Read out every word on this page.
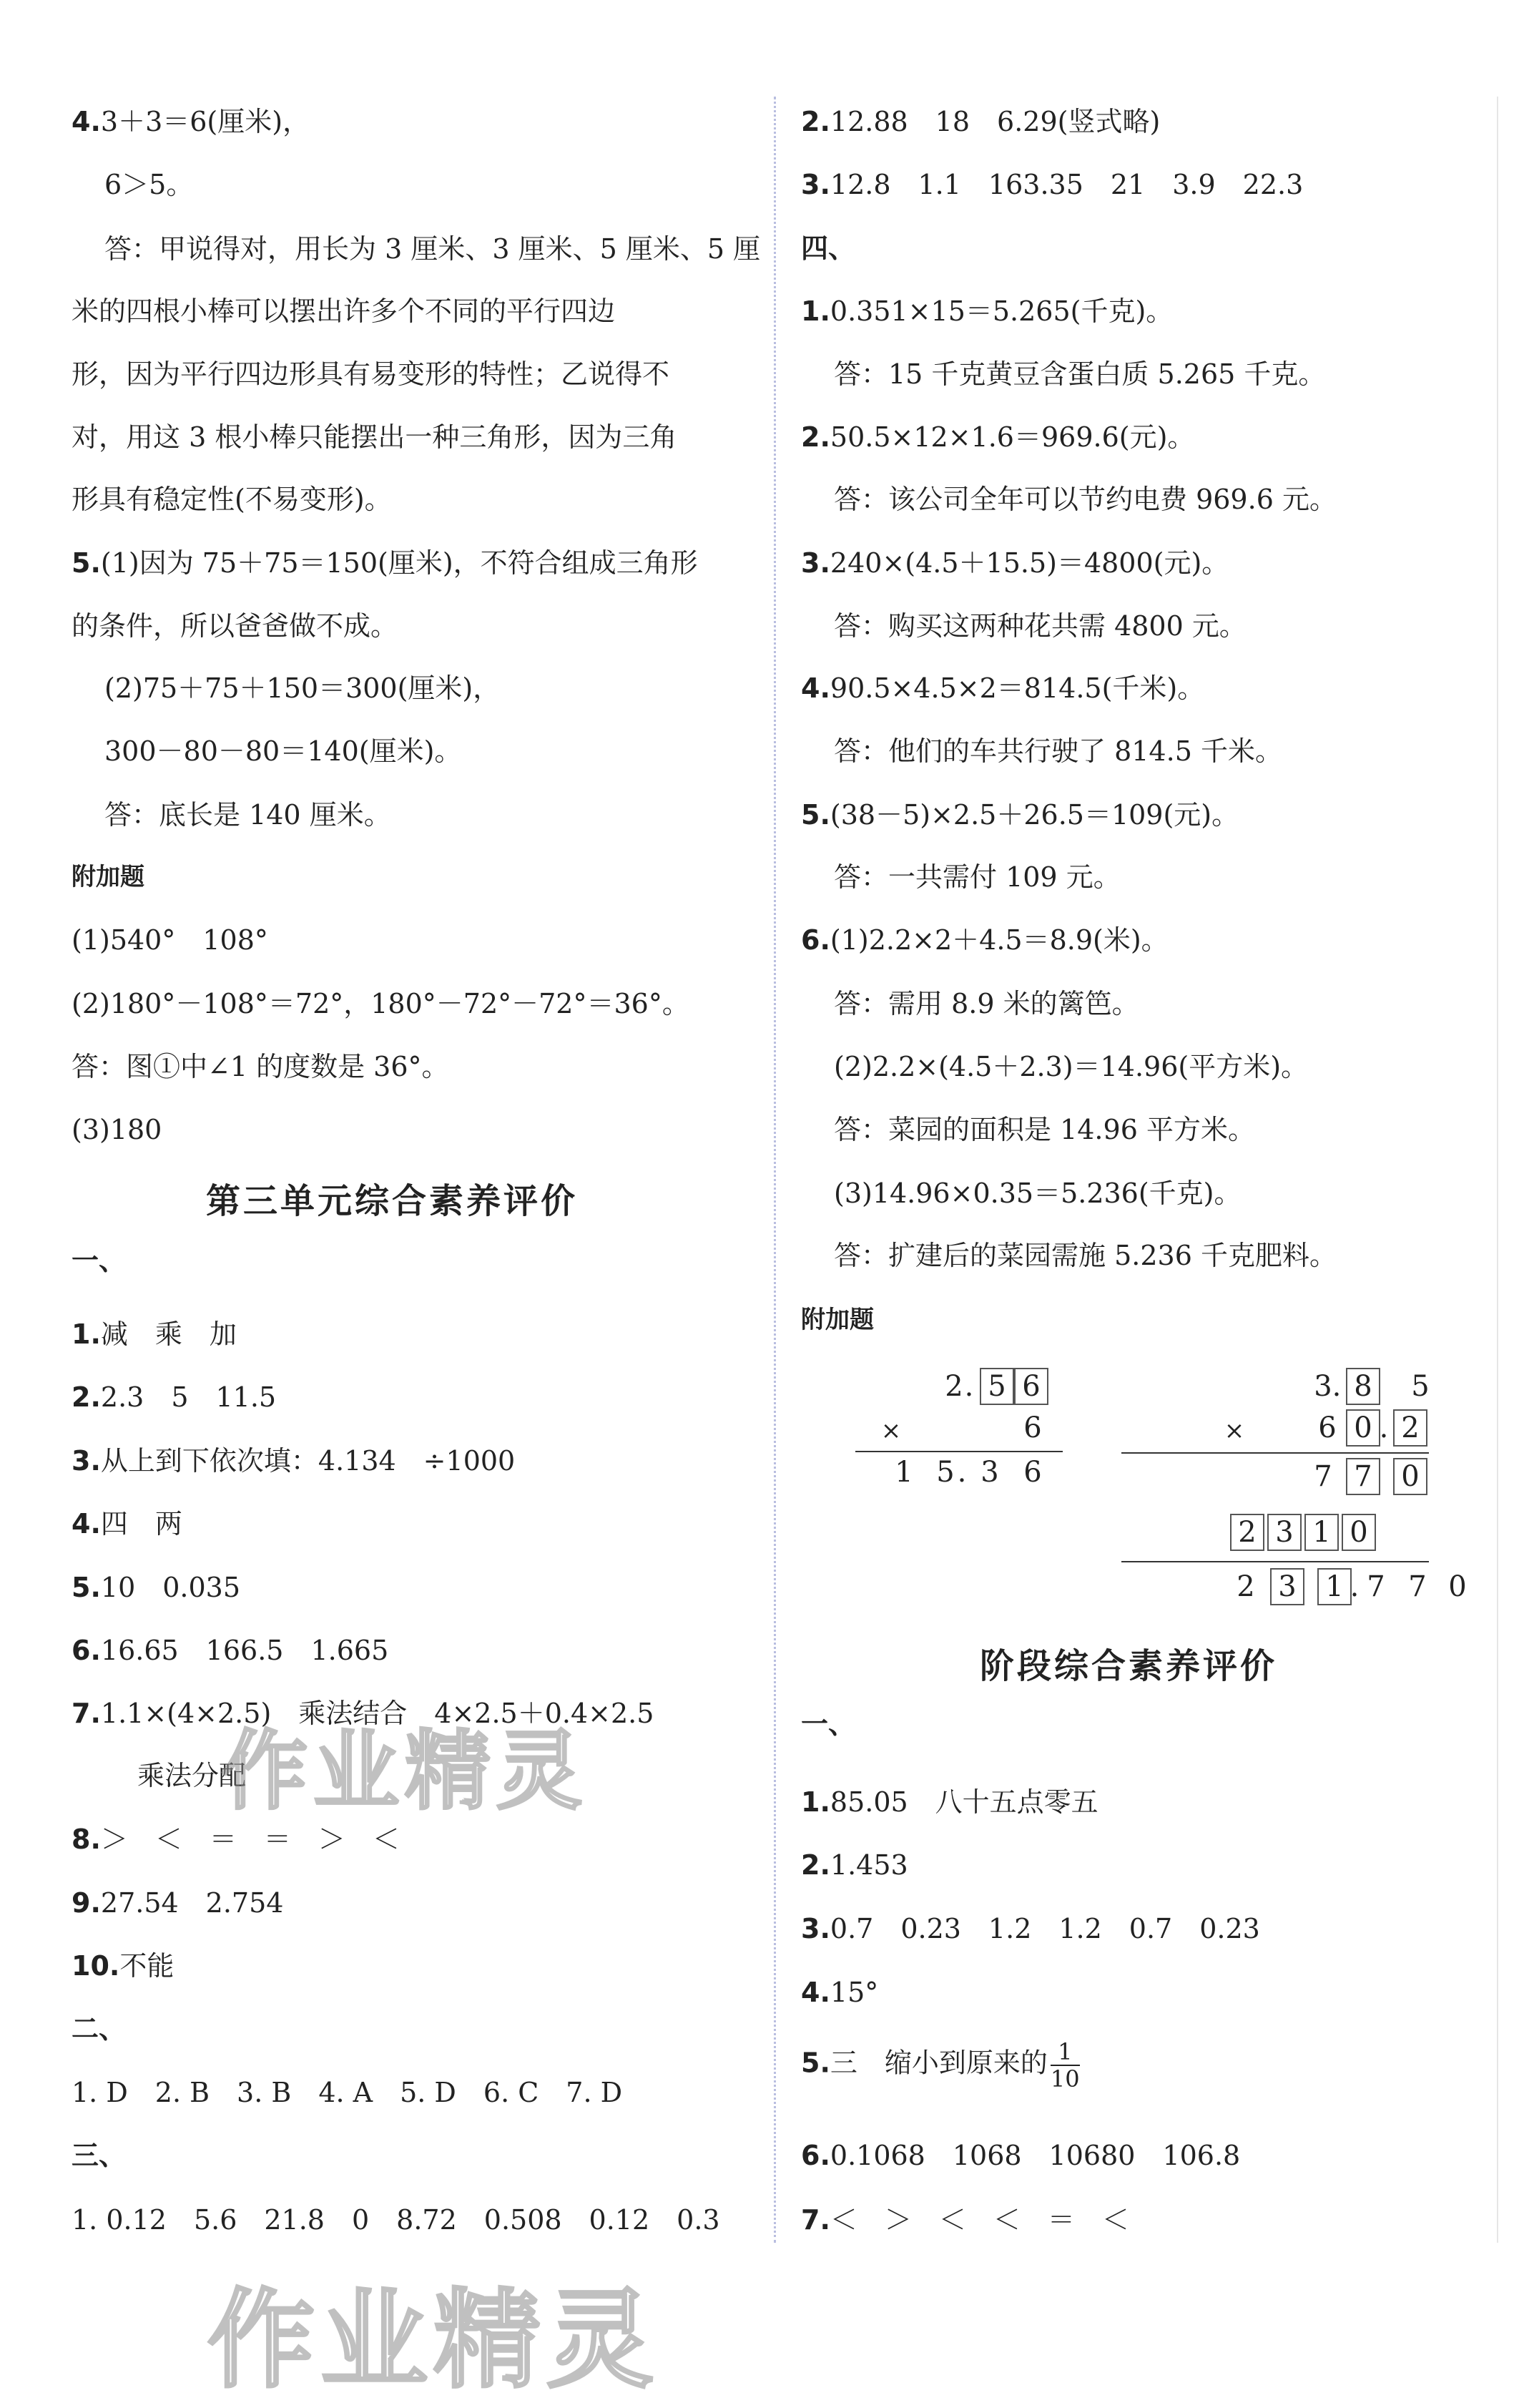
4.3＋3＝6(厘米)，
6＞5。
答：甲说得对，用长为 3 厘米、3 厘米、5 厘米、5 厘
米的四根小棒可以摆出许多个不同的平行四边
形，因为平行四边形具有易变形的特性；乙说得不
对，用这 3 根小棒只能摆出一种三角形，因为三角
形具有稳定性(不易变形)。
5.(1)因为 75＋75＝150(厘米)，不符合组成三角形
的条件，所以爸爸做不成。
(2)75＋75＋150＝300(厘米)，
300－80－80＝140(厘米)。
答：底长是 140 厘米。
附加题
(1)540°　108°
(2)180°－108°＝72°，180°－72°－72°＝36°。
答：图①中∠1 的度数是 36°。
(3)180
第三单元综合素养评价
一、
1.减　乘　加
2.2.3　5　11.5
3.从上到下依次填：4.134　÷1000
4.四　两
5.10　0.035
6.16.65　166.5　1.665
7.1.1×(4×2.5)　乘法结合　4×2.5＋0.4×2.5
乘法分配
8.＞　＜　＝　＝　＞　＜
9.27.54　2.754
10.不能
二、
1. D　2. B　3. B　4. A　5. D　6. C　7. D
三、
1. 0.12　5.6　21.8　0　8.72　0.508　0.12　0.3
2.12.88　18　6.29(竖式略)
3.12.8　1.1　163.35　21　3.9　22.3
四、
1.0.351×15＝5.265(千克)。
答：15 千克黄豆含蛋白质 5.265 千克。
2.50.5×12×1.6＝969.6(元)。
答：该公司全年可以节约电费 969.6 元。
3.240×(4.5＋15.5)＝4800(元)。
答：购买这两种花共需 4800 元。
4.90.5×4.5×2＝814.5(千米)。
答：他们的车共行驶了 814.5 千米。
5.(38－5)×2.5＋26.5＝109(元)。
答：一共需付 109 元。
6.(1)2.2×2＋4.5＝8.9(米)。
答：需用 8.9 米的篱笆。
(2)2.2×(4.5＋2.3)＝14.96(平方米)。
答：菜园的面积是 14.96 平方米。
(3)14.96×0.35＝5.236(千克)。
答：扩建后的菜园需施 5.236 千克肥料。
附加题
2 . 5 6
×	6
1 5 . 3 6
3 . 8	5
×	6 0 . 2
7 7 0
2 3 1 0
2 3 1 . 7 7 0
阶段综合素养评价
一、
1.85.05　八十五点零五
2.1.453
3.0.7　0.23　1.2　1.2　0.7　0.23
4.15°
5.三　缩小到原来的 $\frac{1}{10}$
6.0.1068　1068　10680　106.8
7.＜　＞　＜　＜　＝　＜
作业精灵
作业精灵
